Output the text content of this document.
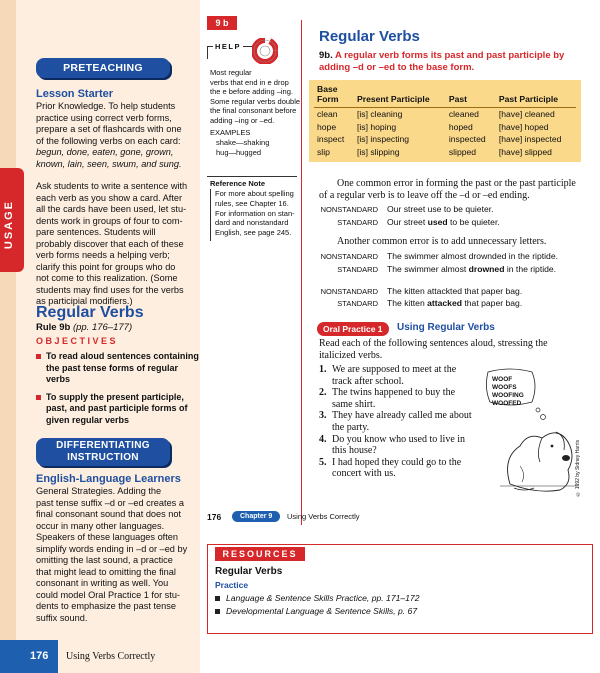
PRETEACHING
Lesson Starter
Prior Knowledge. To help students
practice using correct verb forms,
prepare a set of flashcards with one
of the following verbs on each card:
begun, done, eaten, gone, grown,
known, lain, seen, swum, and sung.
Ask students to write a sentence with
each verb as you show a card. After
all the cards have been used, let stu-
dents work in groups of four to com-
pare sentences. Students will
probably discover that each of these
verb forms needs a helping verb;
clarify this point for groups who do
not come to this realization. (Some
students may find uses for the verbs
as participial modifiers.)
USAGE
Regular Verbs
Rule 9b (pp. 176–177)
OBJECTIVES
To read aloud sentences containing
the past tense forms of regular
verbs
To supply the present participle,
past, and past participle forms of
given regular verbs
DIFFERENTIATING
INSTRUCTION
English-Language Learners
General Strategies. Adding the
past tense suffix –d or –ed creates a
final consonant sound that does not
occur in many other languages.
Speakers of these languages often
simplify words ending in –d or –ed by
omitting the last sound, a practice
that might lead to omitting the final
consonant in writing as well. You
could model Oral Practice 1 for stu-
dents to emphasize the past tense
suffix sound.
9 b
HELP
Most regular
verbs that end in e drop
the e before adding –ing.
Some regular verbs double
the final consonant before
adding –ing or –ed.
EXAMPLES
shake—shaking
hug—hugged
Reference Note
For more about spelling
rules, see Chapter 16.
For information on stan-
dard and nonstandard
English, see page 245.
Regular Verbs
9b. A regular verb forms its past and past participle by
adding –d or –ed to the base form.
Base Form	Present Participle	Past	Past Participle
clean	[is] cleaning	cleaned	[have] cleaned
hope	[is] hoping	hoped	[have] hoped
inspect	[is] inspecting	inspected	[have] inspected
slip	[is] slipping	slipped	[have] slipped
One common error in forming the past or the past participle
of a regular verb is to leave off the –d or –ed ending.
NONSTANDARD Our street use to be quieter.
STANDARD Our street used to be quieter.
Another common error is to add unnecessary letters.
NONSTANDARD The swimmer almost drownded in the riptide.
STANDARD The swimmer almost drowned in the riptide.
NONSTANDARD The kitten attackted that paper bag.
STANDARD The kitten attacked that paper bag.
Oral Practice 1	Using Regular Verbs
Read each of the following sentences aloud, stressing the
italicized verbs.
1. We are supposed to meet at the
track after school.
2. The twins happened to buy the
same shirt.
3. They have already called me about
the party.
4. Do you know who used to live in
this house?
5. I had hoped they could go to the
concert with us.
WOOF
WOOFS
WOOFING
WOOFED
© 1992 by Sidney Harris
176	Chapter 9	Using Verbs Correctly
RESOURCES
Regular Verbs
Practice
Language & Sentence Skills Practice, pp. 171–172
Developmental Language & Sentence Skills, p. 67
176	Using Verbs Correctly
